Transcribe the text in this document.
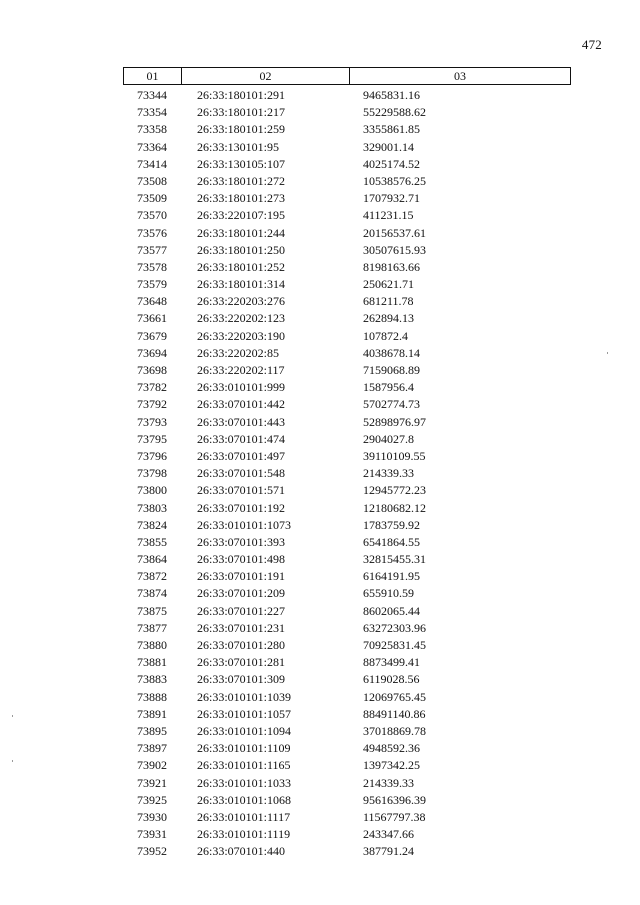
472
01	02	03
73344	26:33:180101:291	9465831.16
73354	26:33:180101:217	55229588.62
73358	26:33:180101:259	3355861.85
73364	26:33:130101:95	329001.14
73414	26:33:130105:107	4025174.52
73508	26:33:180101:272	10538576.25
73509	26:33:180101:273	1707932.71
73570	26:33:220107:195	411231.15
73576	26:33:180101:244	20156537.61
73577	26:33:180101:250	30507615.93
73578	26:33:180101:252	8198163.66
73579	26:33:180101:314	250621.71
73648	26:33:220203:276	681211.78
73661	26:33:220202:123	262894.13
73679	26:33:220203:190	107872.4
73694	26:33:220202:85	4038678.14
73698	26:33:220202:117	7159068.89
73782	26:33:010101:999	1587956.4
73792	26:33:070101:442	5702774.73
73793	26:33:070101:443	52898976.97
73795	26:33:070101:474	2904027.8
73796	26:33:070101:497	39110109.55
73798	26:33:070101:548	214339.33
73800	26:33:070101:571	12945772.23
73803	26:33:070101:192	12180682.12
73824	26:33:010101:1073	1783759.92
73855	26:33:070101:393	6541864.55
73864	26:33:070101:498	32815455.31
73872	26:33:070101:191	6164191.95
73874	26:33:070101:209	655910.59
73875	26:33:070101:227	8602065.44
73877	26:33:070101:231	63272303.96
73880	26:33:070101:280	70925831.45
73881	26:33:070101:281	8873499.41
73883	26:33:070101:309	6119028.56
73888	26:33:010101:1039	12069765.45
73891	26:33:010101:1057	88491140.86
73895	26:33:010101:1094	37018869.78
73897	26:33:010101:1109	4948592.36
73902	26:33:010101:1165	1397342.25
73921	26:33:010101:1033	214339.33
73925	26:33:010101:1068	95616396.39
73930	26:33:010101:1117	11567797.38
73931	26:33:010101:1119	243347.66
73952	26:33:070101:440	387791.24
